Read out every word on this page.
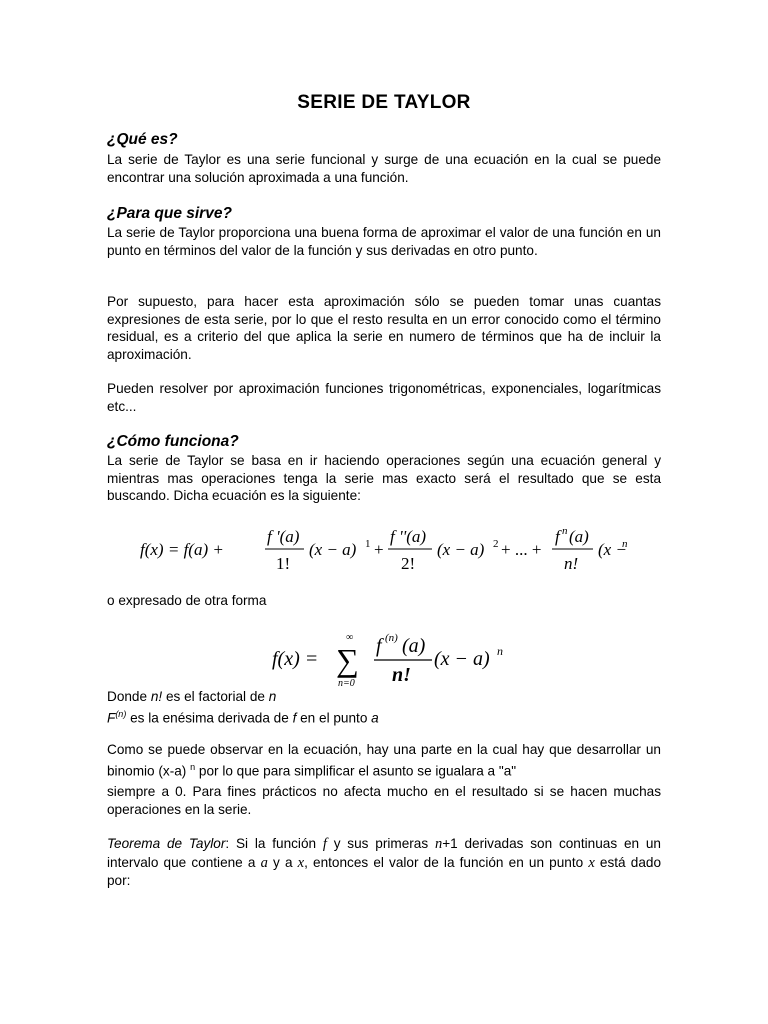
SERIE DE TAYLOR
¿Qué es?

La serie de Taylor es una serie funcional y surge de una ecuación en la cual se puede encontrar una solución aproximada a una función.

¿Para que sirve?

La serie de Taylor proporciona una buena forma de aproximar el valor de una función en un punto en términos del valor de la función y sus derivadas en otro punto.

Por supuesto, para hacer esta aproximación sólo se pueden tomar unas cuantas expresiones de esta serie, por lo que el resto resulta en un error conocido como el término residual, es a criterio del que aplica la serie en numero de términos que ha de incluir la aproximación.

Pueden resolver por aproximación funciones trigonométricas, exponenciales, logarítmicas etc...

¿Cómo funciona?

La serie de Taylor se basa en ir haciendo operaciones según una ecuación general y mientras mas operaciones tenga la serie mas exacto será el resultado que se esta buscando. Dicha ecuación es la siguiente:

f(x) = f(a) +
f '(a)
1!
(x − a) 1 +
f ''(a)
2!
(x − a) 2 + ... +
f n (a)
n!
(x −
n

o expresado de otra forma

f(x) =
∞
∑
n=0
f (n) (a)
n!
(x − a) n

Donde n! es el factorial de n

$F^{(n)}$ es la enésima derivada de f en el punto a

Como se puede observar en la ecuación, hay una parte en la cual hay que desarrollar un binomio (x-a) $^n$ por lo que para simplificar el asunto se igualara a "a"

siempre a 0. Para fines prácticos no afecta mucho en el resultado si se hacen muchas operaciones en la serie.

Teorema de Taylor: Si la función f y sus primeras n+1 derivadas son continuas en un intervalo que contiene a a y a x, entonces el valor de la función en un punto x está dado por:
